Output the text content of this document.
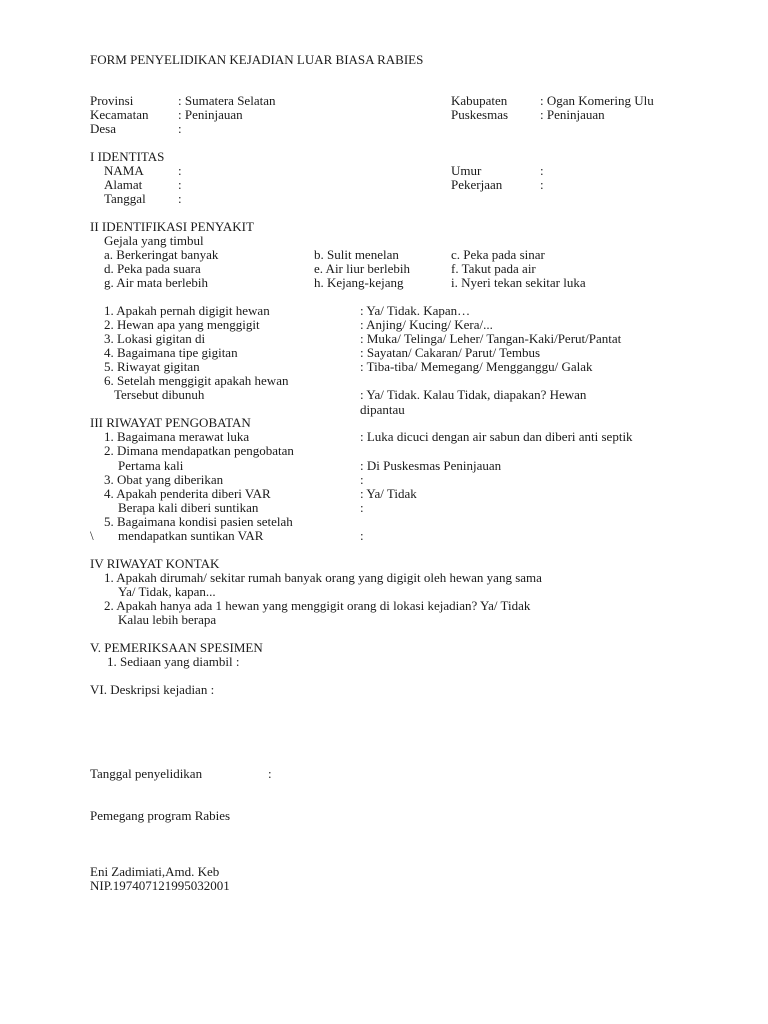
FORM PENYELIDIKAN KEJADIAN LUAR BIASA RABIES
Provinsi	: Sumatera Selatan
Kecamatan : Peninjauan
Desa	:
Kabupaten	: Ogan Komering Ulu
Puskesmas : Peninjauan
I IDENTITAS
NAMA	:
Alamat	:
Tanggal :
Umur	:
Pekerjaan	:
II IDENTIFIKASI PENYAKIT
Gejala yang timbul
a. Berkeringat banyak	b. Sulit menelan	c. Peka pada sinar
d. Peka pada suara	e. Air liur berlebih	f. Takut pada air
g. Air mata berlebih	h. Kejang-kejang	i. Nyeri tekan sekitar luka
1. Apakah pernah digigit hewan	: Ya/ Tidak. Kapan…
2. Hewan apa yang menggigit	: Anjing/ Kucing/ Kera/...
3. Lokasi gigitan di	: Muka/ Telinga/ Leher/ Tangan-Kaki/Perut/Pantat
4. Bagaimana tipe gigitan	: Sayatan/ Cakaran/ Parut/ Tembus
5. Riwayat gigitan	: Tiba-tiba/ Memegang/ Mengganggu/ Galak
6. Setelah menggigit apakah hewan
Tersebut dibunuh	: Ya/ Tidak. Kalau Tidak, diapakan? Hewan
dipantau
III RIWAYAT PENGOBATAN
1. Bagaimana merawat luka	: Luka dicuci dengan air sabun dan diberi anti septik
2. Dimana mendapatkan pengobatan
Pertama kali	: Di Puskesmas Peninjauan
3. Obat yang diberikan	:
4. Apakah penderita diberi VAR	: Ya/ Tidak
Berapa kali diberi suntikan	:
5. Bagaimana kondisi pasien setelah
\ mendapatkan suntikan VAR	:
IV RIWAYAT KONTAK
1. Apakah dirumah/ sekitar rumah banyak orang yang digigit oleh hewan yang sama
Ya/ Tidak, kapan...
2. Apakah hanya ada 1 hewan yang menggigit orang di lokasi kejadian? Ya/ Tidak
Kalau lebih berapa
V. PEMERIKSAAN SPESIMEN
1. Sediaan yang diambil :
VI. Deskripsi kejadian :
Tanggal penyelidikan	:
Pemegang program Rabies
Eni Zadimiati,Amd. Keb
NIP.197407121995032001
